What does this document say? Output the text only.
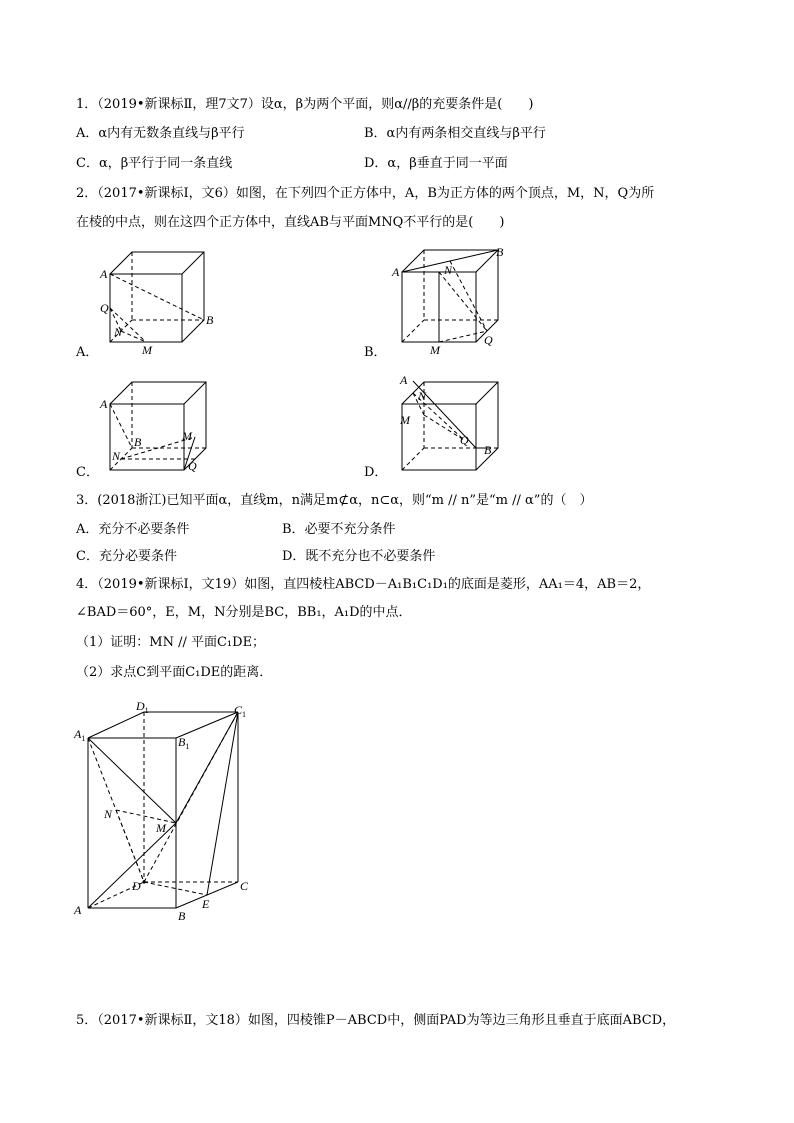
1．（2019•新课标Ⅱ，理7文7）设α，β为两个平面，则α//β的充要条件是(　　)
A．α内有无数条直线与β平行	B．α内有两条相交直线与β平行
C．α，β平行于同一条直线	D．α，β垂直于同一平面
2．（2017•新课标Ⅰ，文6）如图，在下列四个正方体中，A，B为正方体的两个顶点，M，N，Q为所
在棱的中点，则在这四个正方体中，直线AB与平面MNQ不平行的是(　　)
A
B
Q
N
M
A．
A
B
N
Q
M
B．
A
B
N
M
Q
C．
A
N
M
Q
B
D．
3．(2018浙江)已知平面α，直线m，n满足m⊄α，n⊂α，则“m // n”是“m // α”的（　）
A．充分不必要条件	B．必要不充分条件
C．充分必要条件	D．既不充分也不必要条件
4．（2019•新课标Ⅰ，文19）如图，直四棱柱ABCD－A₁B₁C₁D₁的底面是菱形，AA₁＝4，AB＝2，
∠BAD＝60°，E，M，N分别是BC，BB₁，A₁D的中点．
（1）证明：MN // 平面C₁DE；
（2）求点C到平面C₁DE的距离．
$D_1$	$C_1$
$A_1$	$B_1$
N
M
D	C
A	B
E
5．（2017•新课标Ⅱ，文18）如图，四棱锥P－ABCD中，侧面PAD为等边三角形且垂直于底面ABCD，
